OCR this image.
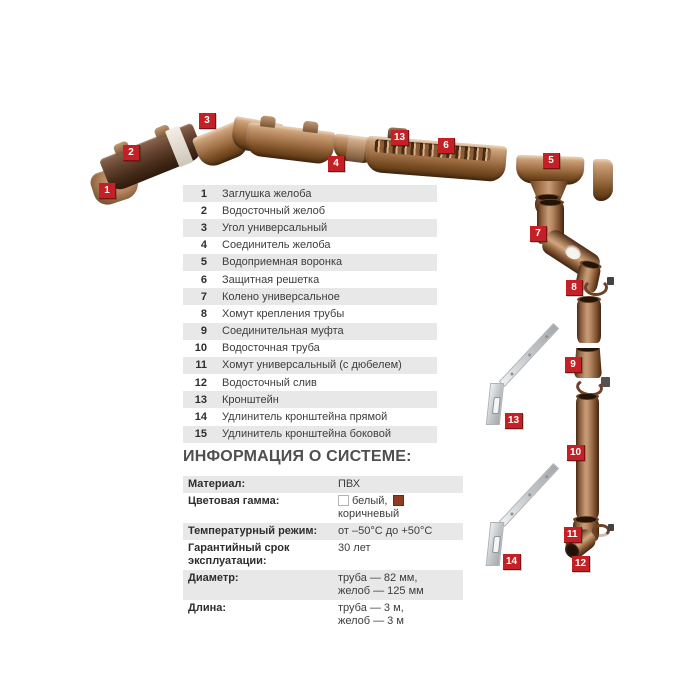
1
2
3
4
13
6
5
7
8
9
10
11
12
13
14
1	Заглушка желоба
2	Водосточный желоб
3	Угол универсальный
4	Соединитель желоба
5	Водоприемная воронка
6	Защитная решетка
7	Колено универсальное
8	Хомут крепления трубы
9	Соединительная муфта
10	Водосточная труба
11	Хомут универсальный (с дюбелем)
12	Водосточный слив
13	Кронштейн
14	Удлинитель кронштейна прямой
15	Удлинитель кронштейна боковой
ИНФОРМАЦИЯ О СИСТЕМЕ:
Материал:	ПВХ
Цветовая гамма:	белый,коричневый
Температурный режим:	от –50°C до +50°C
Гарантийный срок эксплуатации:
30 лет
Диаметр:	труба — 82 мм,
желоб — 125 мм
Длина:	труба — 3 м,
желоб — 3 м
